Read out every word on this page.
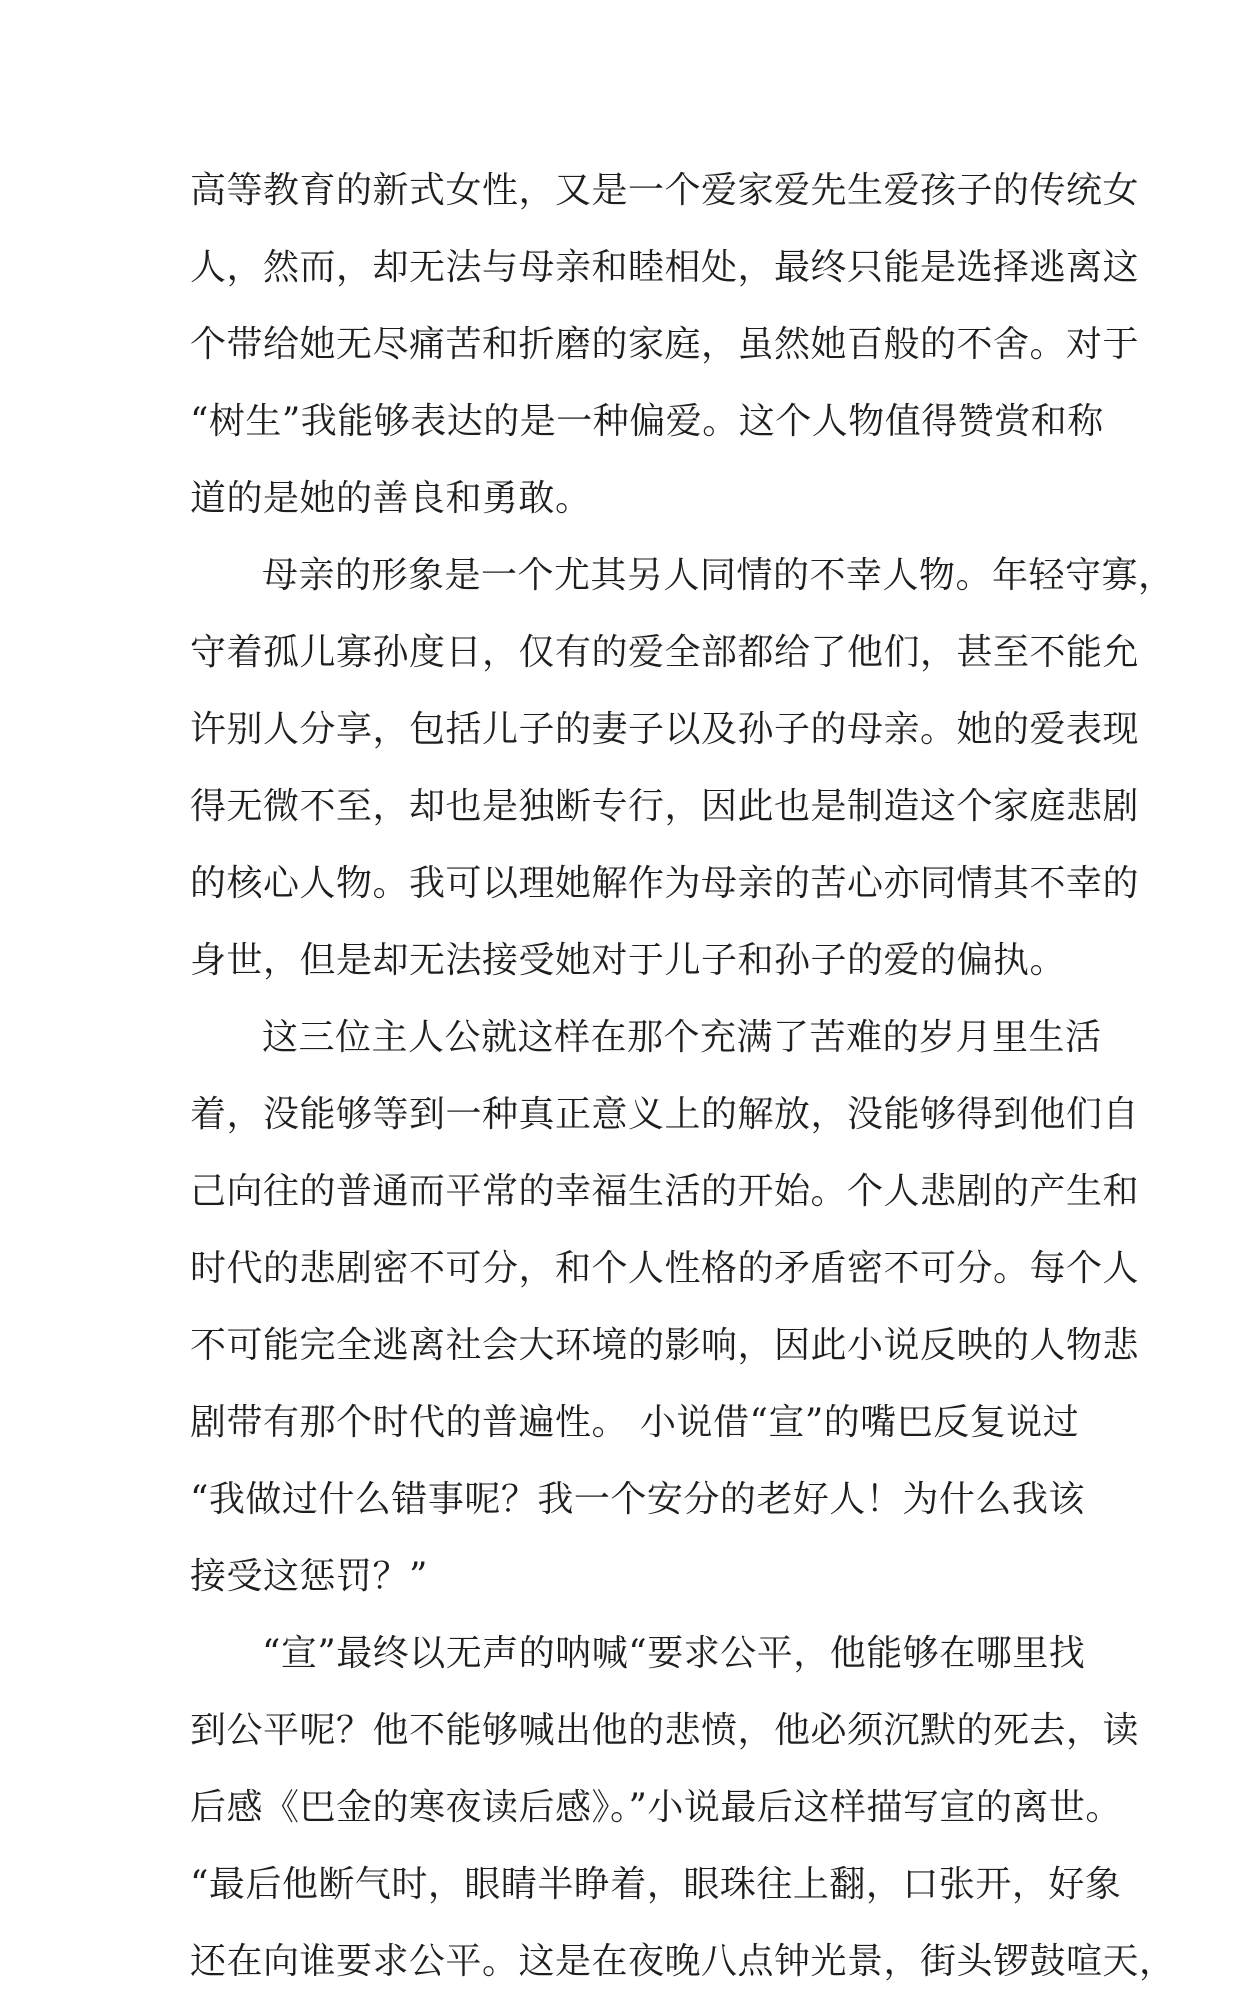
高等教育的新式女性，又是一个爱家爱先生爱孩子的传统女
人，然而，却无法与母亲和睦相处，最终只能是选择逃离这
个带给她无尽痛苦和折磨的家庭，虽然她百般的不舍。对于
“树生”我能够表达的是一种偏爱。这个人物值得赞赏和称
道的是她的善良和勇敢。
母亲的形象是一个尤其另人同情的不幸人物。年轻守寡，
守着孤儿寡孙度日，仅有的爱全部都给了他们，甚至不能允
许别人分享，包括儿子的妻子以及孙子的母亲。她的爱表现
得无微不至，却也是独断专行，因此也是制造这个家庭悲剧
的核心人物。我可以理她解作为母亲的苦心亦同情其不幸的
身世，但是却无法接受她对于儿子和孙子的爱的偏执。
这三位主人公就这样在那个充满了苦难的岁月里生活
着，没能够等到一种真正意义上的解放，没能够得到他们自
己向往的普通而平常的幸福生活的开始。个人悲剧的产生和
时代的悲剧密不可分，和个人性格的矛盾密不可分。每个人
不可能完全逃离社会大环境的影响，因此小说反映的人物悲
剧带有那个时代的普遍性。 小说借“宣”的嘴巴反复说过
“我做过什么错事呢？我一个安分的老好人！为什么我该
接受这惩罚？”
“宣”最终以无声的呐喊“要求公平，他能够在哪里找
到公平呢？他不能够喊出他的悲愤，他必须沉默的死去，读
后感《巴金的寒夜读后感》。”小说最后这样描写宣的离世。
“最后他断气时，眼睛半睁着，眼珠往上翻，口张开，好象
还在向谁要求公平。这是在夜晚八点钟光景，街头锣鼓喧天，
